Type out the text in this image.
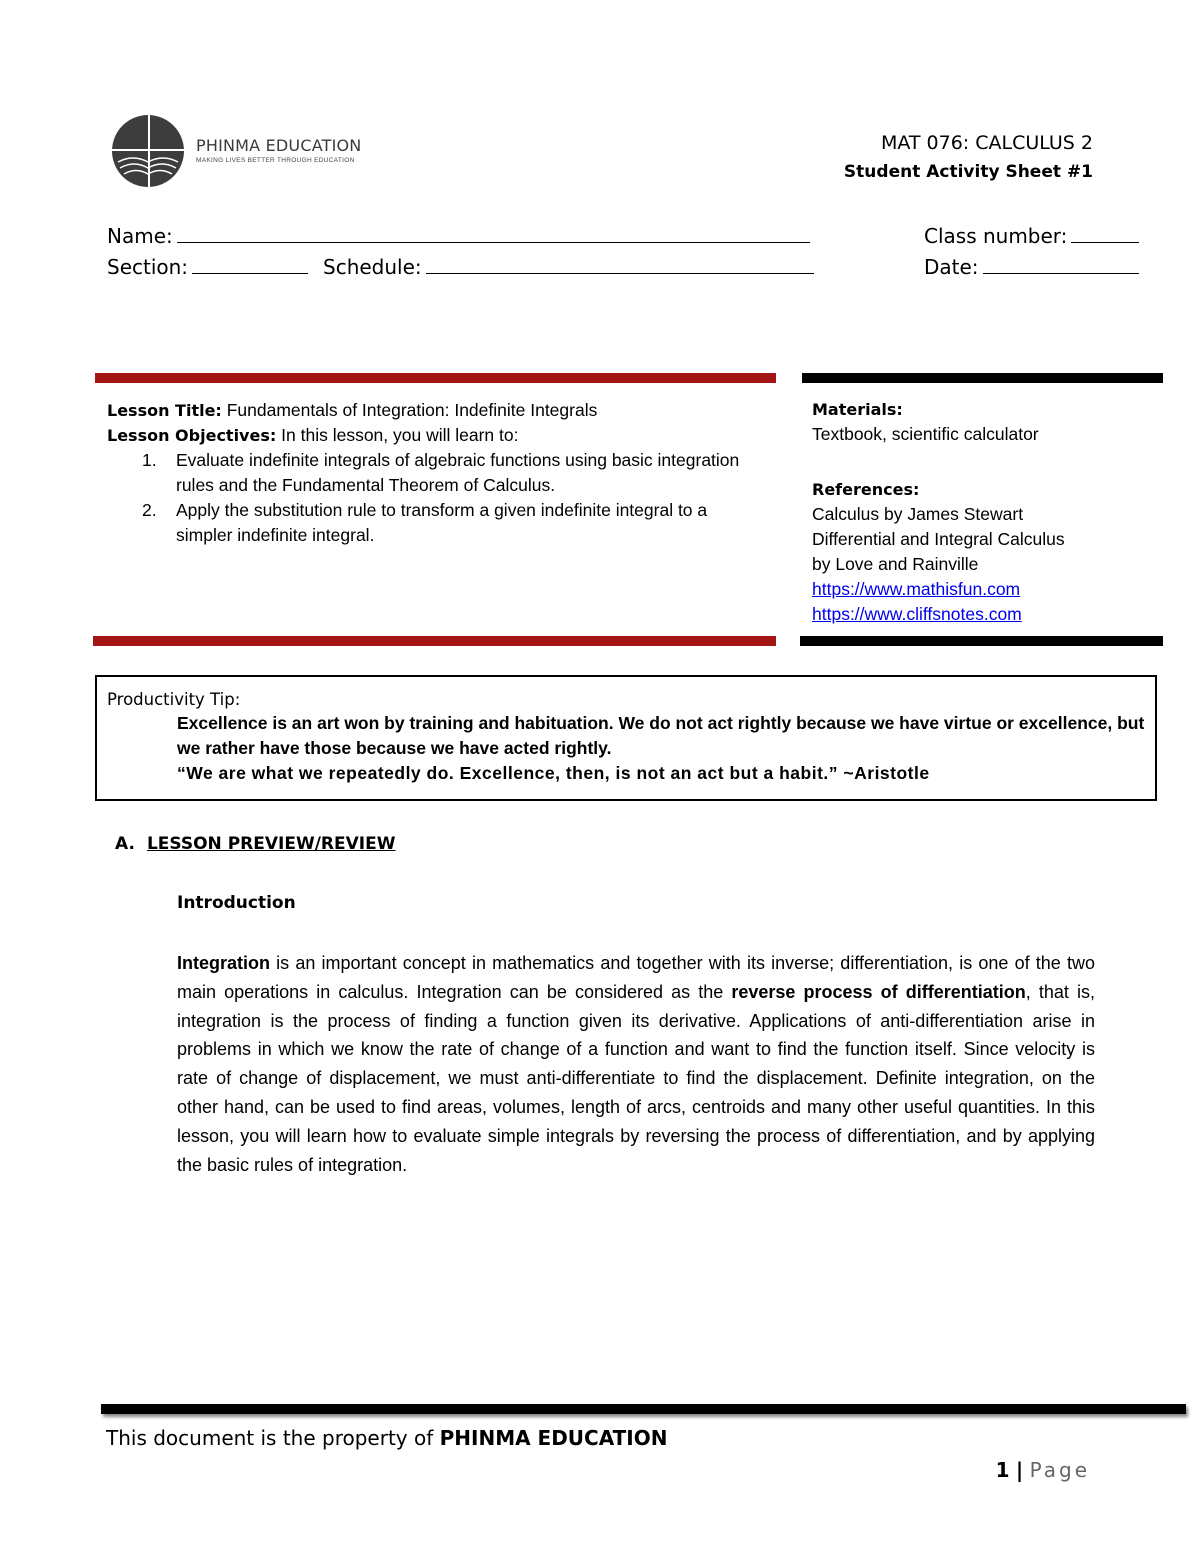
PHINMA EDUCATION
MAKING LIVES BETTER THROUGH EDUCATION
MAT 076: CALCULUS 2
Student Activity Sheet #1
Name:	Class number:
Section:	Schedule:	Date:
Lesson Title: Fundamentals of Integration: Indefinite Integrals
Lesson Objectives: In this lesson, you will learn to:
1. Evaluate indefinite integrals of algebraic functions using basic integration rules and the Fundamental Theorem of Calculus.
2. Apply the substitution rule to transform a given indefinite integral to a simpler indefinite integral.
Materials:
Textbook, scientific calculator
References:
Calculus by James Stewart
Differential and Integral Calculus
by Love and Rainville
https://www.mathisfun.com
https://www.cliffsnotes.com
Productivity Tip:
Excellence is an art won by training and habituation. We do not act rightly because we have virtue or excellence, but we rather have those because we have acted rightly.
“We are what we repeatedly do. Excellence, then, is not an act but a habit.” ~Aristotle
A. LESSON PREVIEW/REVIEW
Introduction

Integration is an important concept in mathematics and together with its inverse; differentiation, is one of the two main operations in calculus. Integration can be considered as the reverse process of differentiation, that is, integration is the process of finding a function given its derivative. Applications of anti-differentiation arise in problems in which we know the rate of change of a function and want to find the function itself. Since velocity is rate of change of displacement, we must anti-differentiate to find the displacement. Definite integration, on the other hand, can be used to find areas, volumes, length of arcs, centroids and many other useful quantities. In this lesson, you will learn how to evaluate simple integrals by reversing the process of differentiation, and by applying the basic rules of integration.

This document is the property of PHINMA EDUCATION
1 | Page
